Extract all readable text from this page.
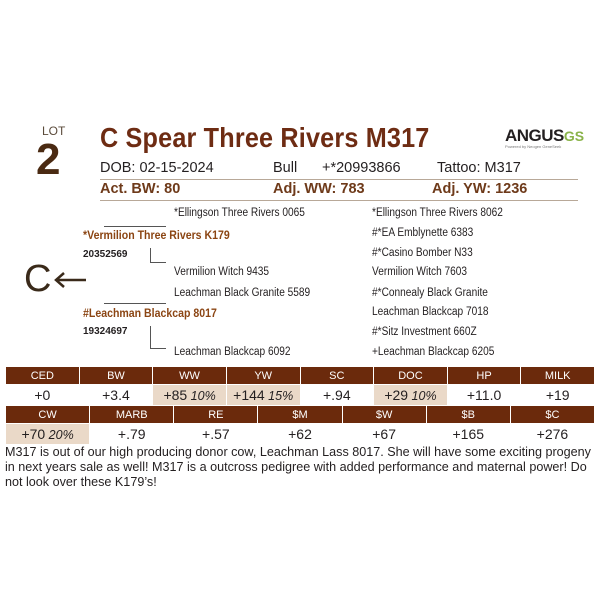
LOT
2 C Spear Three Rivers M317	ANGUSGS
Powered by Neogen GeneSeek
DOB: 02-15-2024	Bull +*20993866	Tattoo: M317
Act. BW: 80	Adj. WW: 783	Adj. YW: 1236
*Ellingson Three Rivers 0065
*Vermilion Three Rivers K179
20352569
Vermilion Witch 9435
Leachman Black Granite 5589
#Leachman Blackcap 8017
19324697
Leachman Blackcap 6092
*Ellingson Three Rivers 8062
#*EA Emblynette 6383
#*Casino Bomber N33
Vermilion Witch 7603
#*Connealy Black Granite
Leachman Blackcap 7018
#*Sitz Investment 660Z
+Leachman Blackcap 6205
C
CED	BW	WW	YW	SC	DOC	HP	MILK
+0	+3.4	+85 10%	+144 15%	+.94	+29 10%	+11.0	+19
CW	MARB	RE	$M	$W	$B	$C
+70 20%	+.79	+.57	+62	+67	+165	+276
M317 is out of our high producing donor cow, Leachman Lass 8017. She will have some exciting progeny in next years sale as well! M317 is a outcross pedigree with added performance and maternal power! Do not look over these K179’s!
